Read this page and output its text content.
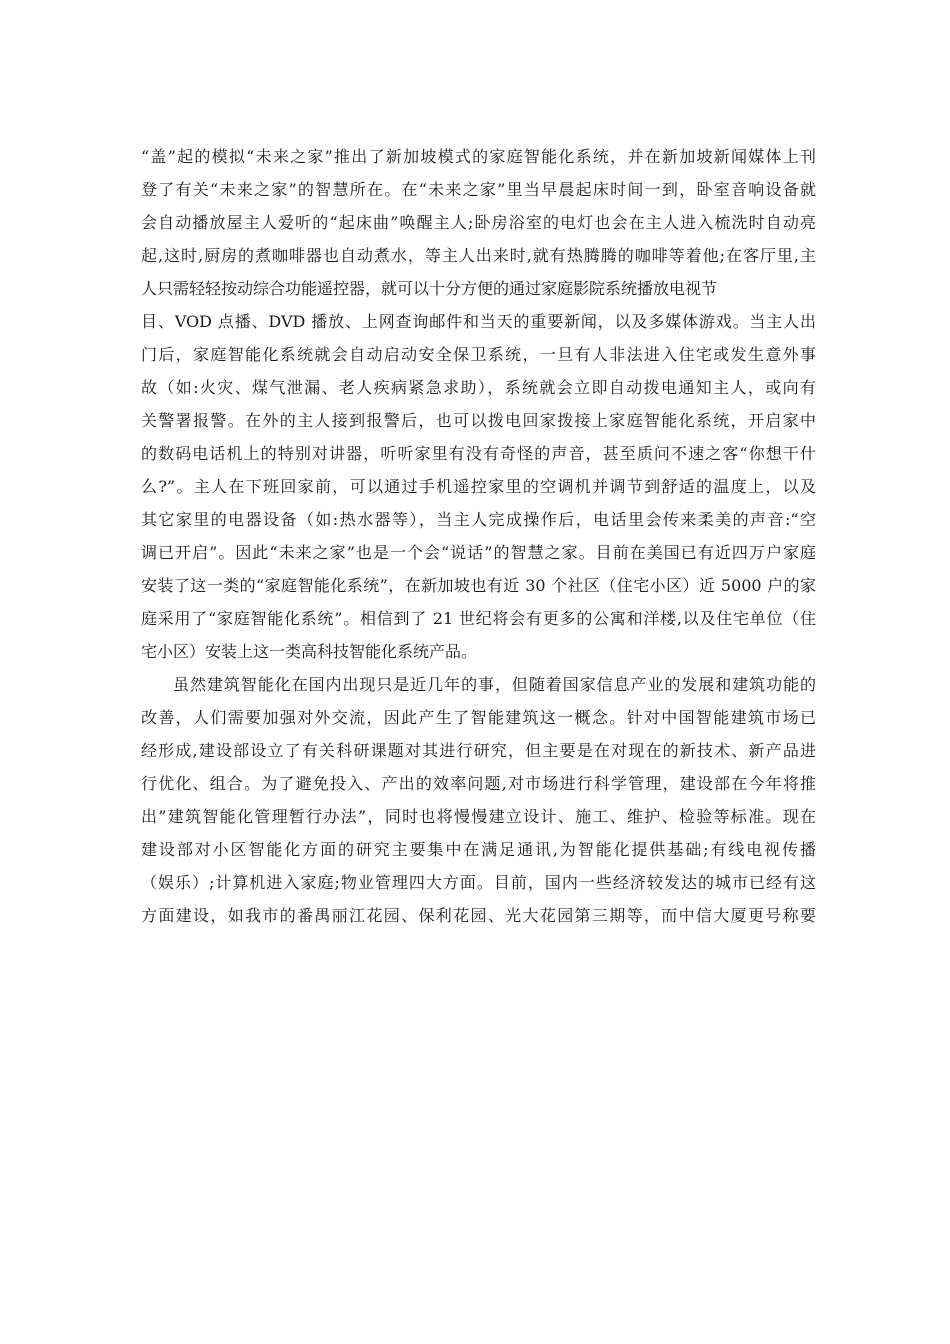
“盖”起的模拟“未来之家”推出了新加坡模式的家庭智能化系统，并在新加坡新闻媒体上刊
登了有关“未来之家”的智慧所在。在“未来之家”里当早晨起床时间一到，卧室音响设备就
会自动播放屋主人爱听的“起床曲”唤醒主人;卧房浴室的电灯也会在主人进入梳洗时自动亮
起,这时,厨房的煮咖啡器也自动煮水，等主人出来时,就有热腾腾的咖啡等着他;在客厅里,主
人只需轻轻按动综合功能遥控器，就可以十分方便的通过家庭影院系统播放电视节
目、VOD 点播、DVD 播放、上网查询邮件和当天的重要新闻，以及多媒体游戏。当主人出
门后，家庭智能化系统就会自动启动安全保卫系统，一旦有人非法进入住宅或发生意外事
故（如:火灾、煤气泄漏、老人疾病紧急求助），系统就会立即自动拨电通知主人，或向有
关警署报警。在外的主人接到报警后，也可以拨电回家拨接上家庭智能化系统，开启家中
的数码电话机上的特别对讲器，听听家里有没有奇怪的声音，甚至质问不速之客“你想干什
么?”。主人在下班回家前，可以通过手机遥控家里的空调机并调节到舒适的温度上，以及
其它家里的电器设备（如:热水器等），当主人完成操作后，电话里会传来柔美的声音:“空
调已开启”。因此“未来之家”也是一个会“说话”的智慧之家。目前在美国已有近四万户家庭
安装了这一类的“家庭智能化系统”，在新加坡也有近 30 个社区（住宅小区）近 5000 户的家
庭采用了“家庭智能化系统”。相信到了 21 世纪将会有更多的公寓和洋楼,以及住宅单位（住
宅小区）安装上这一类高科技智能化系统产品。
虽然建筑智能化在国内出现只是近几年的事，但随着国家信息产业的发展和建筑功能的
改善，人们需要加强对外交流，因此产生了智能建筑这一概念。针对中国智能建筑市场已
经形成,建设部设立了有关科研课题对其进行研究，但主要是在对现在的新技术、新产品进
行优化、组合。为了避免投入、产出的效率问题,对市场进行科学管理，建设部在今年将推
出”建筑智能化管理暂行办法”，同时也将慢慢建立设计、施工、维护、检验等标准。现在
建设部对小区智能化方面的研究主要集中在满足通讯,为智能化提供基础;有线电视传播
（娱乐）;计算机进入家庭;物业管理四大方面。目前，国内一些经济较发达的城市已经有这
方面建设，如我市的番禺丽江花园、保利花园、光大花园第三期等，而中信大厦更号称要
